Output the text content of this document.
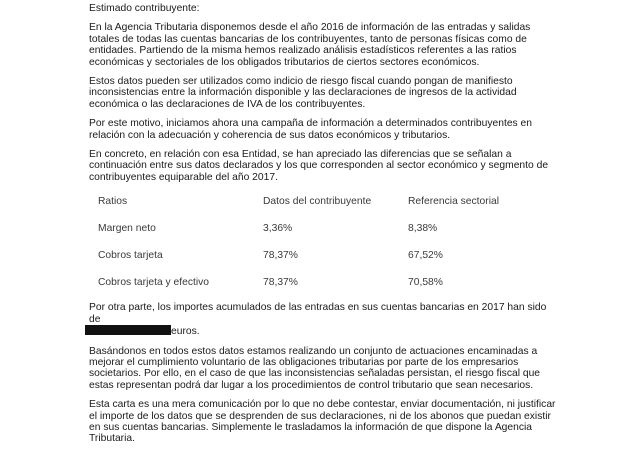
Estimado contribuyente:

En la Agencia Tributaria disponemos desde el año 2016 de información de las entradas y salidas totales de todas las cuentas bancarias de los contribuyentes, tanto de personas físicas como de entidades. Partiendo de la misma hemos realizado análisis estadísticos referentes a las ratios económicas y sectoriales de los obligados tributarios de ciertos sectores económicos.

Estos datos pueden ser utilizados como indicio de riesgo fiscal cuando pongan de manifiesto inconsistencias entre la información disponible y las declaraciones de ingresos de la actividad económica o las declaraciones de IVA de los contribuyentes.

Por este motivo, iniciamos ahora una campaña de información a determinados contribuyentes en relación con la adecuación y coherencia de sus datos económicos y tributarios.

En concreto, en relación con esa Entidad, se han apreciado las diferencias que se señalan a continuación entre sus datos declarados y los que corresponden al sector económico y segmento de contribuyentes equiparable del año 2017.

Ratios	Datos del contribuyente	Referencia sectorial
Margen neto	3,36%	8,38%
Cobros tarjeta	78,37%	67,52%
Cobros tarjeta y efectivo	78,37%	70,58%

Por otra parte, los importes acumulados de las entradas en sus cuentas bancarias en 2017 han sido de
euros.

Basándonos en todos estos datos estamos realizando un conjunto de actuaciones encaminadas a mejorar el cumplimiento voluntario de las obligaciones tributarias por parte de los empresarios societarios. Por ello, en el caso de que las inconsistencias señaladas persistan, el riesgo fiscal que estas representan podrá dar lugar a los procedimientos de control tributario que sean necesarios.

Esta carta es una mera comunicación por lo que no debe contestar, enviar documentación, ni justificar el importe de los datos que se desprenden de sus declaraciones, ni de los abonos que puedan existir en sus cuentas bancarias. Simplemente le trasladamos la información de que dispone la Agencia Tributaria.
